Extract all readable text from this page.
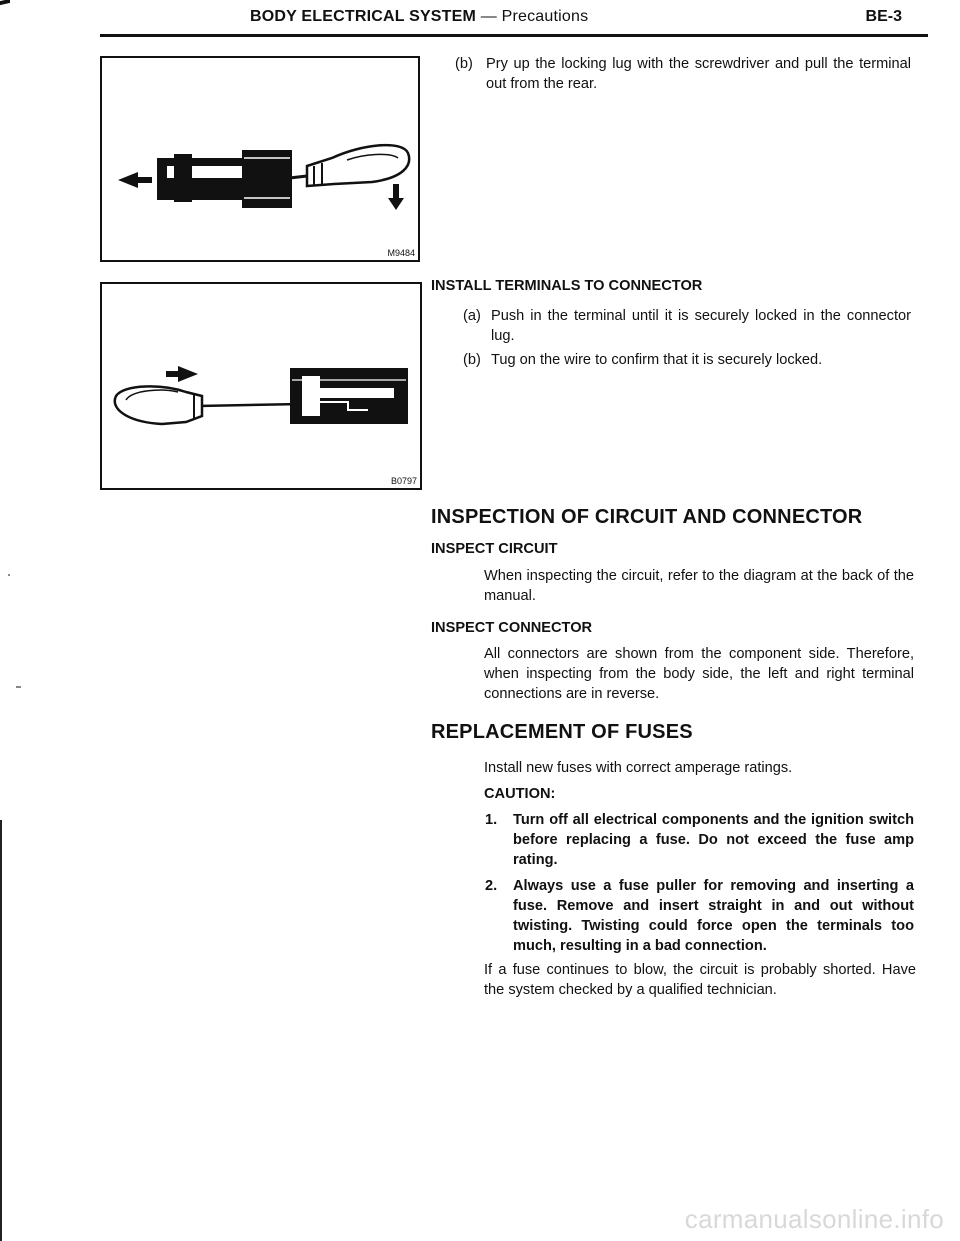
BODY ELECTRICAL SYSTEM — Precautions	BE-3
M9484
B0797
(b) Pry up the locking lug with the screwdriver and pull the terminal out from the rear.
INSTALL TERMINALS TO CONNECTOR
(a) Push in the terminal until it is securely locked in the connector lug.
(b) Tug on the wire to confirm that it is securely locked.
INSPECTION OF CIRCUIT AND CONNECTOR
INSPECT CIRCUIT
When inspecting the circuit, refer to the diagram at the back of the manual.
INSPECT CONNECTOR
All connectors are shown from the component side. Therefore, when inspecting from the body side, the left and right terminal connections are in reverse.
REPLACEMENT OF FUSES
Install new fuses with correct amperage ratings.
CAUTION:
1. Turn off all electrical components and the ignition switch before replacing a fuse. Do not exceed the fuse amp rating.
2. Always use a fuse puller for removing and inserting a fuse. Remove and insert straight in and out without twisting. Twisting could force open the terminals too much, resulting in a bad connection.
If a fuse continues to blow, the circuit is probably shorted. Have the system checked by a qualified technician.
carmanualsonline.info
